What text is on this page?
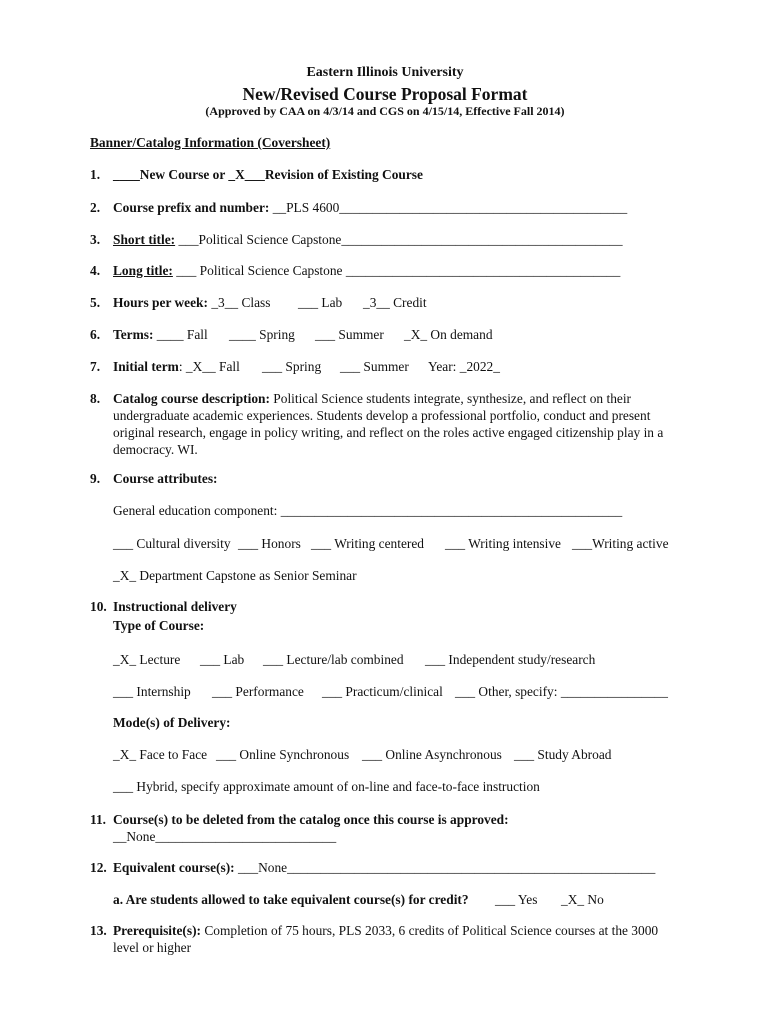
Eastern Illinois University
New/Revised Course Proposal Format
(Approved by CAA on 4/3/14 and CGS on 4/15/14, Effective Fall 2014)
Banner/Catalog Information (Coversheet)
1. ____New Course or _X___Revision of Existing Course
2. Course prefix and number: __PLS 4600___________________________________________
3. Short title: ___Political Science Capstone__________________________________________
4. Long title: ___ Political Science Capstone _________________________________________
5. Hours per week: _3__ Class ___ Lab _3__ Credit
6. Terms: ____ Fall ____ Spring ___ Summer _X_ On demand
7. Initial term: _X__ Fall ___ Spring ___ Summer Year: _2022_
8. Catalog course description: Political Science students integrate, synthesize, and reflect on their undergraduate academic experiences. Students develop a professional portfolio, conduct and present original research, engage in policy writing, and reflect on the roles active engaged citizenship play in a democracy. WI.
9. Course attributes:
General education component: ___________________________________________________
___ Cultural diversity ___ Honors ___ Writing centered ___ Writing intensive ___Writing active
_X_ Department Capstone as Senior Seminar
10. Instructional delivery
Type of Course:
_X_ Lecture ___ Lab ___ Lecture/lab combined ___ Independent study/research
___ Internship ___ Performance ___ Practicum/clinical ___ Other, specify: ________________
Mode(s) of Delivery:
_X_ Face to Face ___ Online Synchronous ___ Online Asynchronous ___ Study Abroad
___ Hybrid, specify approximate amount of on-line and face-to-face instruction
11. Course(s) to be deleted from the catalog once this course is approved:
__None___________________________
12. Equivalent course(s): ___None_______________________________________________________
a. Are students allowed to take equivalent course(s) for credit? ___ Yes _X_ No
13. Prerequisite(s): Completion of 75 hours, PLS 2033, 6 credits of Political Science courses at the 3000 level or higher
